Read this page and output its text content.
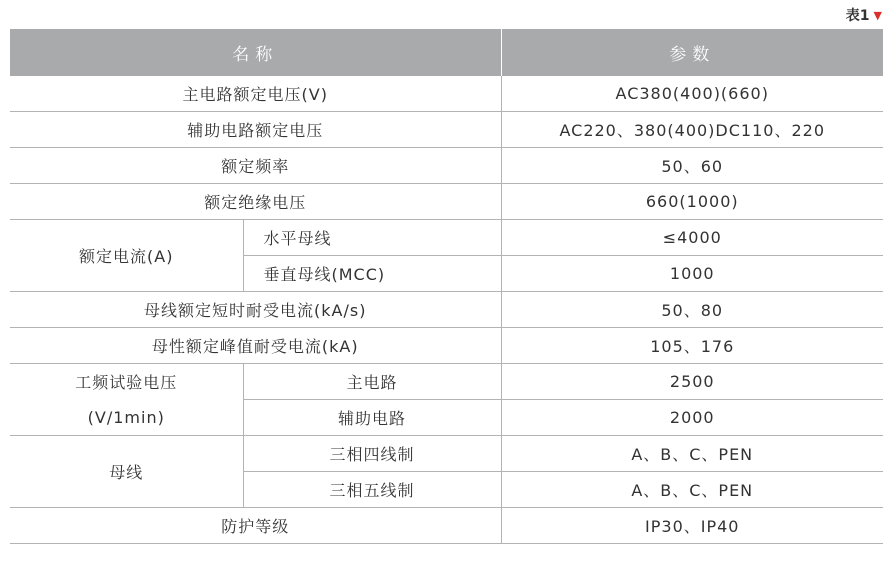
表1 ▼
名称		参数
主电路额定电压(V)		AC380(400)(660)
辅助电路额定电压		AC220、380(400)DC110、220
额定频率		50、60
额定绝缘电压		660(1000)
额定电流(A)	水平母线	≤4000
	垂直母线(MCC)	1000
母线额定短时耐受电流(kA/s)		50、80
母性额定峰值耐受电流(kA)		105、176
工频试验电压	主电路	2500
(V/1min)	辅助电路	2000
母线	三相四线制	A、B、C、PEN
	三相五线制	A、B、C、PEN
防护等级		IP30、IP40
